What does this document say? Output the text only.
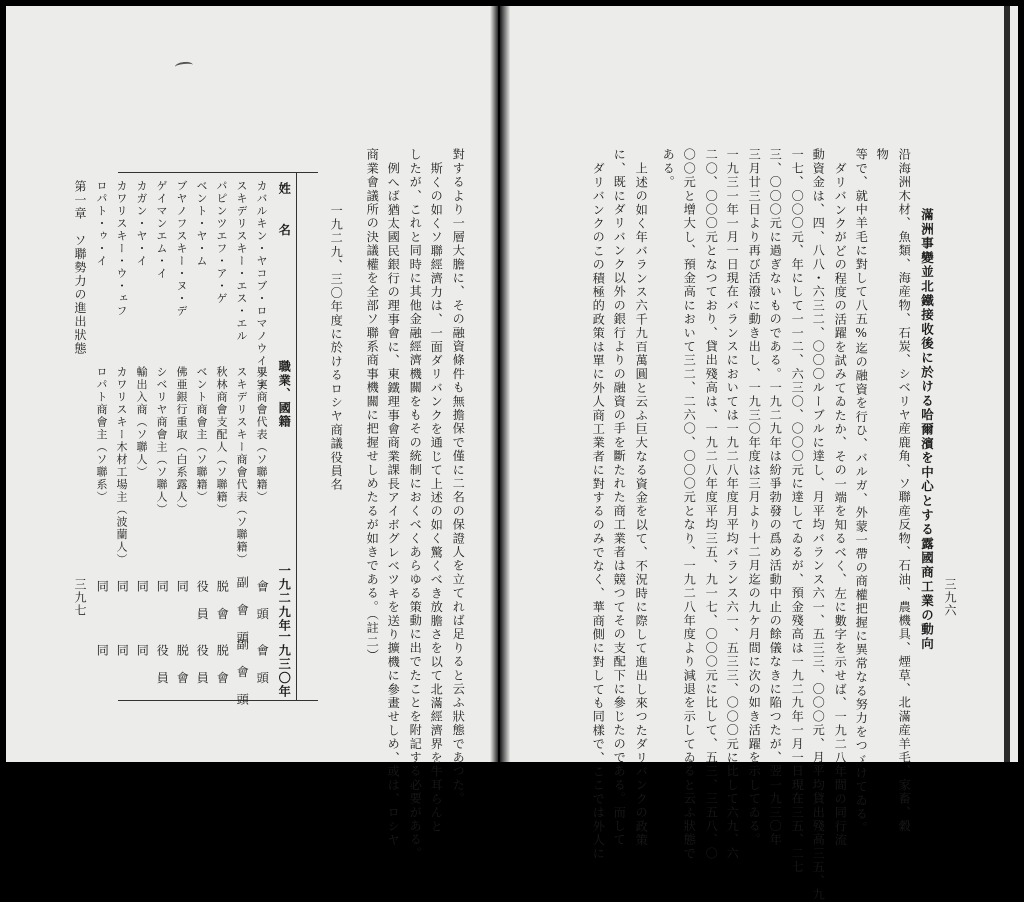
三九六
滿洲事變並北鐵接收後に於ける哈爾濱を中心とする露國商工業の動向
沿海洲木材、魚類、海産物、石炭、シベリヤ産鹿角、ソ聯産反物、石油、農機具、煙草、北滿産羊毛、家畜、穀
物
等で、就中羊毛に對して八五%迄の融資を行ひ、バルガ、外蒙一帶の商權把握に異常なる努力をつゞけてゐる。
ダリバンクがどの程度の活躍を試みてゐたか、その一端を知るべく、左に數字を示せば、一九二八年間の同行流
動資金は、四、八八・六三二、〇〇〇ルーブルに達し、月平均バランス六一、五三三、〇〇〇元、月平均貸出殘高三五、九
一七、〇〇〇元、年にして一一二、六三〇、〇〇〇元に達してゐるが、預金殘高は一九二九年一月一日現在三五、二七
三、〇〇〇元に過ぎないものである。一九二九年は紛爭勃發の爲め活動中止の餘儀なきに陥つたが、翌一九三〇年
三月廿三日より再び活潑に動き出し、一九三〇年度は三月より十二月迄の九ケ月間に次の如き活躍を示してゐる。
一九三一年一月一日現在バランスにおいては一九二八年度月平均バランス六一、五三三、〇〇〇元に比して六九、六
二〇、〇〇〇元となつており、貸出殘高は、一九二八年度平均三五、九一七、〇〇〇元に比して、五三、三五八、〇
〇〇元と增大し、預金高において三二、二六〇、〇〇〇元となり、一九二八年度より減退を示してゐると云ふ狀態で
ある。
上述の如く年バランス六千九百萬圓と云ふ巨大なる資金を以て、不況時に際して進出し來つたダリバンクの政策
に、既にダリバンク以外の銀行よりの融資の手を斷たれた商工業者は競つてその支配下に參じたのである。而して
ダリバンクのこの積極的政策は單に外人商工業者に對するのみでなく、華商側に對しても同樣で、ここでは外人に
對するより一層大膽に、その融資條件も無擔保で僅に二名の保證人を立てれば足りると云ふ狀態であつた。
斯くの如くソ聯經濟力は、一面ダリバンクを通じて上述の如く驚くべき放膽さを以て北滿經濟界を牛耳らんと
したが、これと同時に其他金融經濟機關をもその統制におくべくあらゆる策動に出でたことを附記する必要がある。
例へば猶太國民銀行の理事會に、東鐵理事會商業課長アイボグレベツキを送り擴機に參畫せしめ、或は、ロシヤ
商業會議所の決議權を全部ソ聯系商事機關に把握せしめたるが如きである。（註二）
一九二九、三〇年度に於けるロシヤ商議役員名
姓　　名
職業、國籍
一九二九年
一九三〇年
カバルキン・ヤコブ・ロマノウイツチ
果実商會代表（ソ聯籍）
會　頭
會　頭
スキデリスキー・エス・エル
スキデリスキー商會代表（ソ聯籍）
副　會　頭
副　會　頭
パピンツエフ・ア・ゲ
秋林商會支配人（ソ聯籍）
脱　會
脱　會
ベント・ヤ・ム
ベント商會主（ソ聯籍）
役　員
役　員
ブヤノフスキー・ヌ・デ
佛亜銀行重取（白系露人）
同
脱　會
ゲイマンエム・イ
シベリヤ商會主（ソ聯人）
同
役　員
カガン・ヤ・イ
輸出入商（ソ聯人）
同
同
カワリスキー・ウ・ェフ
カワリスキー木材工場主（波蘭人）
同
同
ロパト・ゥ・イ
ロパト商會主（ソ聯系）
同
同
第一章　ソ聯勢力の進出狀態
三九七
